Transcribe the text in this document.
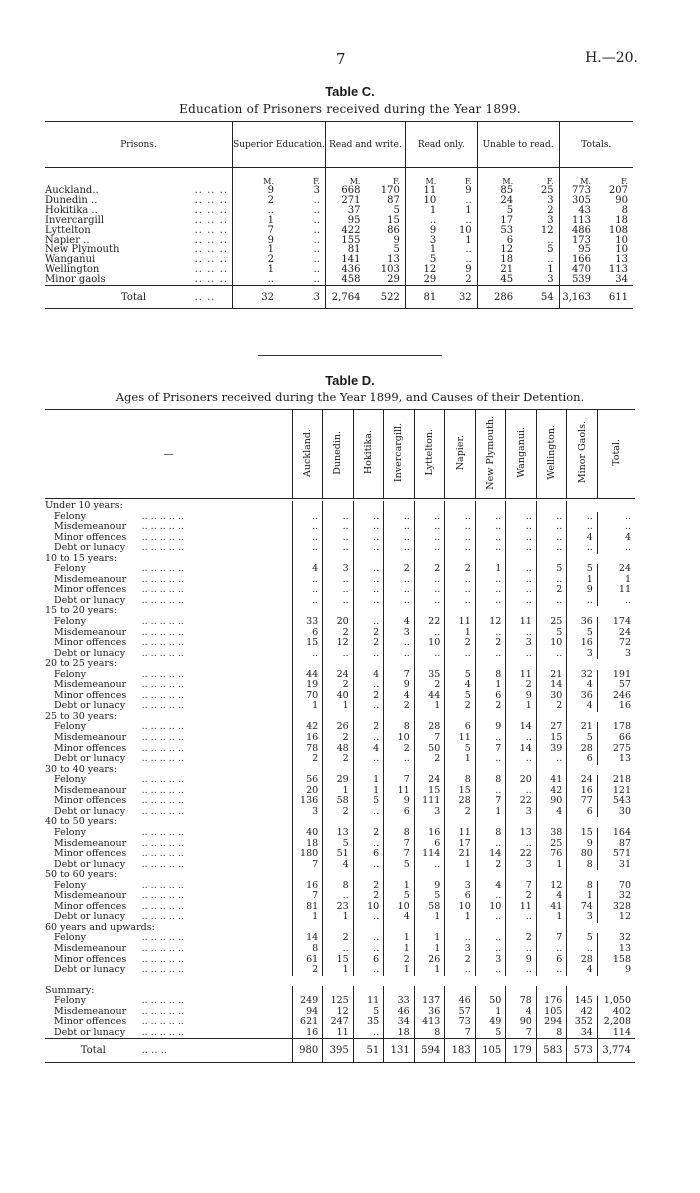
7	H.—20.
Table C.
Education of Prisoners received during the Year 1899.
Prisons.		Superior Education.		Read and write.		Read only.		Unable to read.		Totals.	
		M.	F.	M.	F.	M.	F.	M.	F.	M.	F.
Auckland..	.. .. ..	9	3	668	170	11	9	85	25	773	207
Dunedin ..	.. .. ..	2	..	271	87	10	..	24	3	305	90
Hokitika ..	.. .. ..	..	..	37	5	1	1	5	2	43	8
Invercargill	.. .. ..	1	..	95	15	..	..	17	3	113	18
Lyttelton	.. .. ..	7	..	422	86	9	10	53	12	486	108
Napier ..	.. .. ..	9	..	155	9	3	1	6	..	173	10
New Plymouth	.. .. ..	1	..	81	5	1	..	12	5	95	10
Wanganui	.. .. ..	2	..	141	13	5	..	18	..	166	13
Wellington	.. .. ..	1	..	436	103	12	9	21	1	470	113
Minor gaols	.. .. ..	..	..	458	29	29	2	45	3	539	34
Total	.. ..	32	3	2,764	522	81	32	286	54	3,163	611
Table D.
Ages of Prisoners received during the Year 1899, and Causes of their Detention.
—		Auckland.	Dunedin.	Hokitika.	Invercargill.	Lyttelton.	Napier.	New Plymouth.	Wanganui.	Wellington.	Minor Gaols.	Total.

Under 10 years:												
Felony	.. .. .. .. ..	..	..	..	..	..	..	..	..	..	..	..
Misdemeanour	.. .. .. .. ..	..	..	..	..	..	..	..	..	..	..	..
Minor offences	.. .. .. .. ..	..	..	..	..	..	..	..	..	..	4	4
Debt or lunacy	.. .. .. .. ..	..	..	..	..	..	..	..	..	..	..	..
10 to 15 years:												
Felony	.. .. .. .. ..	4	3	..	2	2	2	1	..	5	5	24
Misdemeanour	.. .. .. .. ..	..	..	..	..	..	..	..	..	..	1	1
Minor offences	.. .. .. .. ..	..	..	..	..	..	..	..	..	2	9	11
Debt or lunacy	.. .. .. .. ..	..	..	..	..	..	..	..	..	..	..	..
15 to 20 years:												
Felony	.. .. .. .. ..	33	20	..	4	22	11	12	11	25	36	174
Misdemeanour	.. .. .. .. ..	6	2	2	3	..	1	..	..	5	5	24
Minor offences	.. .. .. .. ..	15	12	2	..	10	2	2	3	10	16	72
Debt or lunacy	.. .. .. .. ..	..	..	..	..	..	..	..	..	..	3	3
20 to 25 years:												
Felony	.. .. .. .. ..	44	24	4	7	35	5	8	11	21	32	191
Misdemeanour	.. .. .. .. ..	19	2	..	9	2	4	1	2	14	4	57
Minor offences	.. .. .. .. ..	70	40	2	4	44	5	6	9	30	36	246
Debt or lunacy	.. .. .. .. ..	1	1	..	2	1	2	2	1	2	4	16
25 to 30 years:												
Felony	.. .. .. .. ..	42	26	2	8	28	6	9	14	27	21	178
Misdemeanour	.. .. .. .. ..	16	2	..	10	7	11	..	..	15	5	66
Minor offences	.. .. .. .. ..	78	48	4	2	50	5	7	14	39	28	275
Debt or lunacy	.. .. .. .. ..	2	2	..	..	2	1	..	..	..	6	13
30 to 40 years:												
Felony	.. .. .. .. ..	56	29	1	7	24	8	8	20	41	24	218
Misdemeanour	.. .. .. .. ..	20	1	1	11	15	15	..	..	42	16	121
Minor offences	.. .. .. .. ..	136	58	5	9	111	28	7	22	90	77	543
Debt or lunacy	.. .. .. .. ..	3	2	..	6	3	2	1	3	4	6	30
40 to 50 years:												
Felony	.. .. .. .. ..	40	13	2	8	16	11	8	13	38	15	164
Misdemeanour	.. .. .. .. ..	18	5	..	7	6	17	..	..	25	9	87
Minor offences	.. .. .. .. ..	180	51	6	7	114	21	14	22	76	80	571
Debt or lunacy	.. .. .. .. ..	7	4	..	5	..	1	2	3	1	8	31
50 to 60 years:												
Felony	.. .. .. .. ..	16	8	2	1	9	3	4	7	12	8	70
Misdemeanour	.. .. .. .. ..	7	..	2	5	5	6	..	2	4	1	32
Minor offences	.. .. .. .. ..	81	23	10	10	58	10	10	11	41	74	328
Debt or lunacy	.. .. .. .. ..	1	1	..	4	1	1	..	..	1	3	12
60 years and upwards:												
Felony	.. .. .. .. ..	14	2	..	1	1	..	..	2	7	5	32
Misdemeanour	.. .. .. .. ..	8	..	..	1	1	3	..	..	..	..	13
Minor offences	.. .. .. .. ..	61	15	6	2	26	2	3	9	6	28	158
Debt or lunacy	.. .. .. .. ..	2	1	..	1	1	..	..	..	..	4	9

Summary:												
Felony	.. .. .. .. ..	249	125	11	33	137	46	50	78	176	145	1,050
Misdemeanour	.. .. .. .. ..	94	12	5	46	36	57	1	4	105	42	402
Minor offences	.. .. .. .. ..	621	247	35	34	413	73	49	90	294	352	2,208
Debt or lunacy	.. .. .. .. ..	16	11	..	18	8	7	5	7	8	34	114
Total	.. .. ..	980	395	51	131	594	183	105	179	583	573	3,774
